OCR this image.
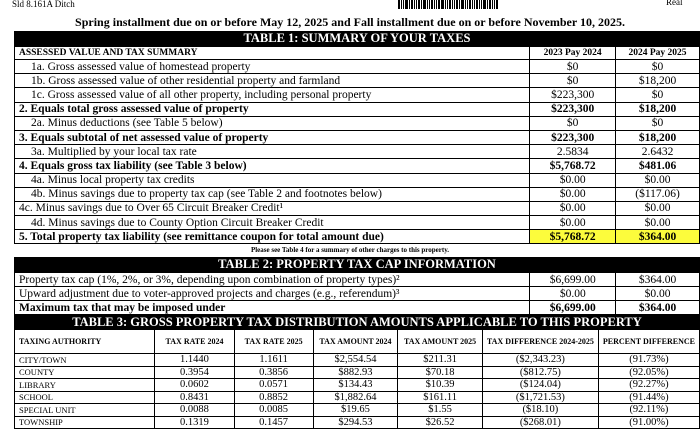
Sld 8.161A Ditch	Real
Spring installment due on or before May 12, 2025 and Fall installment due on or before November 10, 2025.
TABLE 1: SUMMARY OF YOUR TAXES
ASSESSED VALUE AND TAX SUMMARY	2023 Pay 2024	2024 Pay 2025
1a. Gross assessed value of homestead property	$0	$0
1b. Gross assessed value of other residential property and farmland	$0	$18,200
1c. Gross assessed value of all other property, including personal property	$223,300	$0
2. Equals total gross assessed value of property	$223,300	$18,200
2a. Minus deductions (see Table 5 below)	$0	$0
3. Equals subtotal of net assessed value of property	$223,300	$18,200
3a. Multiplied by your local tax rate	2.5834	2.6432
4. Equals gross tax liability (see Table 3 below)	$5,768.72	$481.06
4a. Minus local property tax credits	$0.00	$0.00
4b. Minus savings due to property tax cap (see Table 2 and footnotes below)	$0.00	($117.06)
4c. Minus savings due to Over 65 Circuit Breaker Credit¹	$0.00	$0.00
4d. Minus savings due to County Option Circuit Breaker Credit	$0.00	$0.00
5. Total property tax liability (see remittance coupon for total amount due)	$5,768.72	$364.00
Please see Table 4 for a summary of other charges to this property.
TABLE 2: PROPERTY TAX CAP INFORMATION
Property tax cap (1%, 2%, or 3%, depending upon combination of property types)²	$6,699.00	$364.00
Upward adjustment due to voter-approved projects and charges (e.g., referendum)³	$0.00	$0.00
Maximum tax that may be imposed under	$6,699.00	$364.00
TABLE 3: GROSS PROPERTY TAX DISTRIBUTION AMOUNTS APPLICABLE TO THIS PROPERTY
TAXING AUTHORITY	TAX RATE 2024	TAX RATE 2025	TAX AMOUNT 2024	TAX AMOUNT 2025	TAX DIFFERENCE 2024-2025	PERCENT DIFFERENCE
CITY/TOWN	1.1440	1.1611	$2,554.54	$211.31	($2,343.23)	(91.73%)
COUNTY	0.3954	0.3856	$882.93	$70.18	($812.75)	(92.05%)
LIBRARY	0.0602	0.0571	$134.43	$10.39	($124.04)	(92.27%)
SCHOOL	0.8431	0.8852	$1,882.64	$161.11	($1,721.53)	(91.44%)
SPECIAL UNIT	0.0088	0.0085	$19.65	$1.55	($18.10)	(92.11%)
TOWNSHIP	0.1319	0.1457	$294.53	$26.52	($268.01)	(91.00%)
